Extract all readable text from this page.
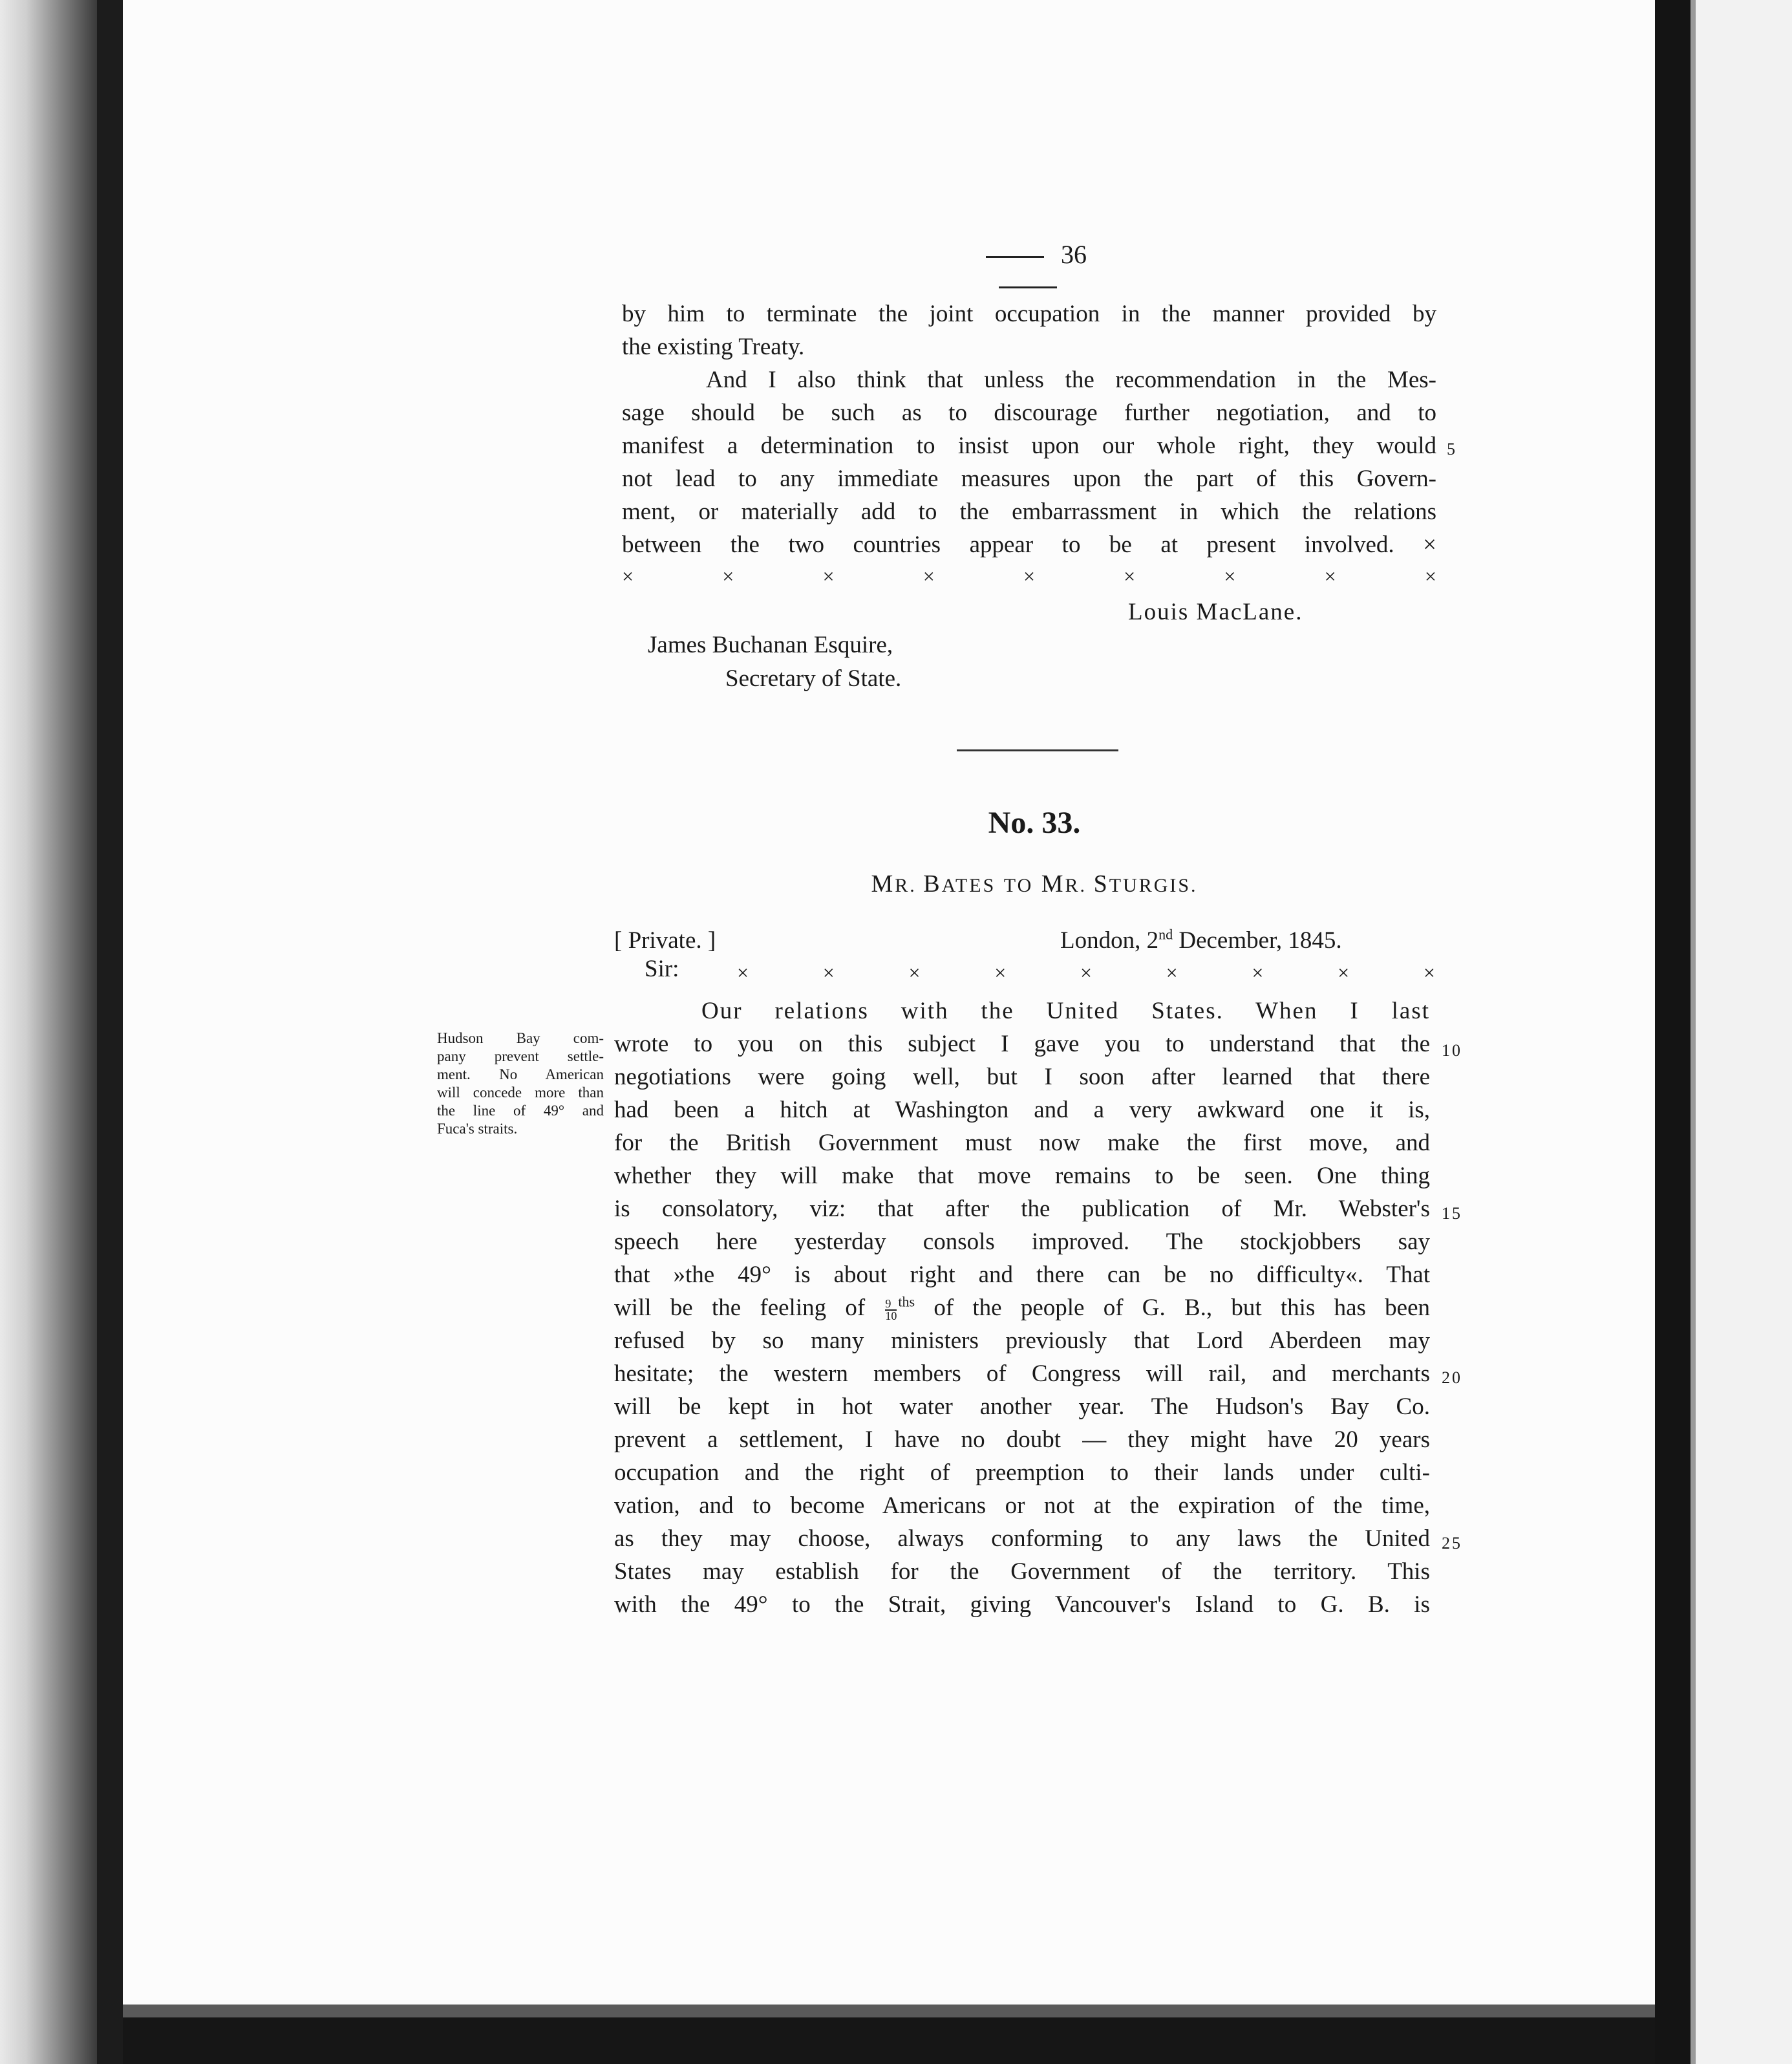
36
by him to terminate the joint occupation in the manner provided by
the existing Treaty.
And I also think that unless the recommendation in the Mes-
sage should be such as to discourage further negotiation, and to
manifest a determination to insist upon our whole right, they would
not lead to any immediate measures upon the part of this Govern-
ment, or materially add to the embarrassment in which the relations
between the two countries appear to be at present involved. ×
×	×	×	×	×	×	×	×	×
Louis MacLane.
James Buchanan Esquire,
Secretary of State.
No. 33.
MR. BATES TO MR. STURGIS.
[ Private. ]	London, 2nd December, 1845.
Sir:	×	×	×	×	×	×	×	×	×
Hudson Bay com-
pany prevent settle-
ment. No American
will concede more than
the line of 49° and
Fuca's straits.
Our relations with the United States. When I last
wrote to you on this subject I gave you to understand that the
negotiations were going well, but I soon after learned that there
had been a hitch at Washington and a very awkward one it is,
for the British Government must now make the first move, and
whether they will make that move remains to be seen. One thing
is consolatory, viz: that after the publication of Mr. Webster's
speech here yesterday consols improved. The stockjobbers say
that »the 49° is about right and there can be no difficulty«. That
will be the feeling of $\frac{9}{10} ^{ths}$ of the people of G. B., but this has been
refused by so many ministers previously that Lord Aberdeen may
hesitate; the western members of Congress will rail, and merchants
will be kept in hot water another year. The Hudson's Bay Co.
prevent a settlement, I have no doubt — they might have 20 years
occupation and the right of preemption to their lands under culti-
vation, and to become Americans or not at the expiration of the time,
as they may choose, always conforming to any laws the United
States may establish for the Government of the territory. This
with the 49° to the Strait, giving Vancouver's Island to G. B. is
5
10
15
20
25
